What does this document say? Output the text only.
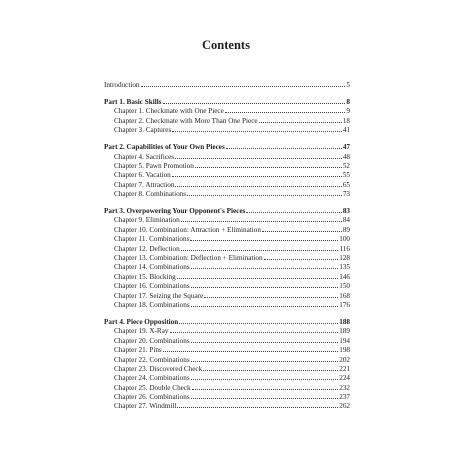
Contents
Introduction	5
Part 1. Basic Skills	8
Chapter 1. Checkmate with One Piece	9
Chapter 2. Checkmate with More Than One Piece	18
Chapter 3. Captures	41
Part 2. Capabilities of Your Own Pieces	47
Chapter 4. Sacrifices	48
Chapter 5. Pawn Promotion	52
Chapter 6. Vacation	55
Chapter 7. Attraction	65
Chapter 8. Combinations	73
Part 3. Overpowering Your Opponent's Pieces	83
Chapter 9. Elimination	84
Chapter 10. Combination: Attraction + Elimination	89
Chapter 11. Combinations	100
Chapter 12. Deflection	116
Chapter 13. Combination: Deflection + Elimination	128
Chapter 14. Combinations	135
Chapter 15. Blocking	146
Chapter 16. Combinations	150
Chapter 17. Seizing the Square	168
Chapter 18. Combinations	176
Part 4. Piece Opposition	188
Chapter 19. X-Ray	189
Chapter 20. Combinations	194
Chapter 21. Pins	198
Chapter 22. Combinations	202
Chapter 23. Discovered Check	221
Chapter 24. Combinations	224
Chapter 25. Double Check	232
Chapter 26. Combinations	237
Chapter 27. Windmill	262
